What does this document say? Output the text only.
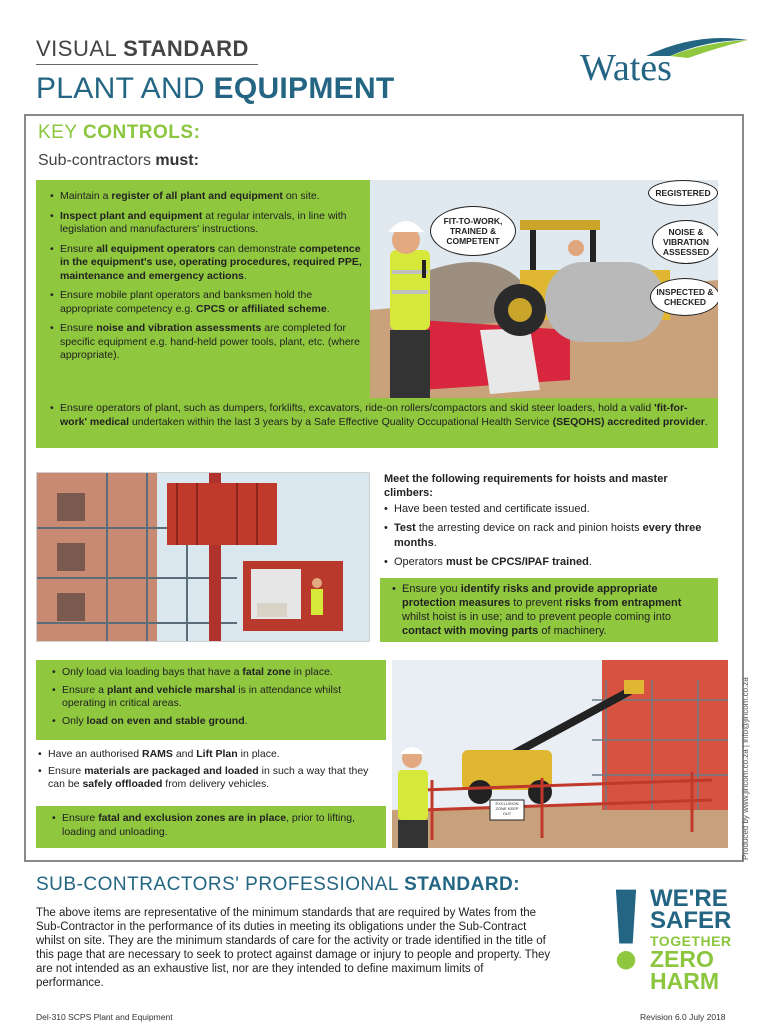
VISUAL STANDARD
PLANT AND EQUIPMENT	Wates
KEY CONTROLS:
Sub-contractors must:
• Maintain a register of all plant and equipment on site.
• Inspect plant and equipment at regular intervals, in line with legislation and manufacturers' instructions.
• Ensure all equipment operators can demonstrate competence in the equipment's use, operating procedures, required PPE, maintenance and emergency actions.
• Ensure mobile plant operators and banksmen hold the appropriate competency e.g. CPCS or affiliated scheme.
• Ensure noise and vibration assessments are completed for specific equipment e.g. hand-held power tools, plant, etc. (where appropriate).
• Ensure operators of plant, such as dumpers, forklifts, excavators, ride-on rollers/compactors and skid steer loaders, hold a valid 'fit-for-work' medical undertaken within the last 3 years by a Safe Effective Quality Occupational Health Service (SEQOHS) accredited provider.
FIT-TO-WORK, TRAINED & COMPETENT
REGISTERED
NOISE & VIBRATION ASSESSED
INSPECTED & CHECKED
Meet the following requirements for hoists and master climbers:
• Have been tested and certificate issued.
• Test the arresting device on rack and pinion hoists every three months.
• Operators must be CPCS/IPAF trained.
• Ensure you identify risks and provide appropriate protection measures to prevent risks from entrapment whilst hoist is in use; and to prevent people coming into contact with moving parts of machinery.
• Only load via loading bays that have a fatal zone in place.
• Ensure a plant and vehicle marshal is in attendance whilst operating in critical areas.
• Only load on even and stable ground.
• Have an authorised RAMS and Lift Plan in place.
• Ensure materials are packaged and loaded in such a way that they can be safely offloaded from delivery vehicles.
• Ensure fatal and exclusion zones are in place, prior to lifting, loading and unloading.
EXCLUSION ZONE KEEP OUT	Produced by www.jincom.co.za | info@jincom.co.za
SUB-CONTRACTORS' PROFESSIONAL STANDARD:
The above items are representative of the minimum standards that are required by Wates from the Sub-Contractor in the performance of its duties in meeting its obligations under the Sub-Contract whilst on site. They are the minimum standards of care for the activity or trade identified in the title of this page that are necessary to seek to protect against damage or injury to people and property. They are not intended as an exhaustive list, nor are they intended to define maximum limits of performance.
WE'RE
SAFER
TOGETHER
ZERO
HARM
Del-310 SCPS Plant and Equipment	Revision 6.0 July 2018
